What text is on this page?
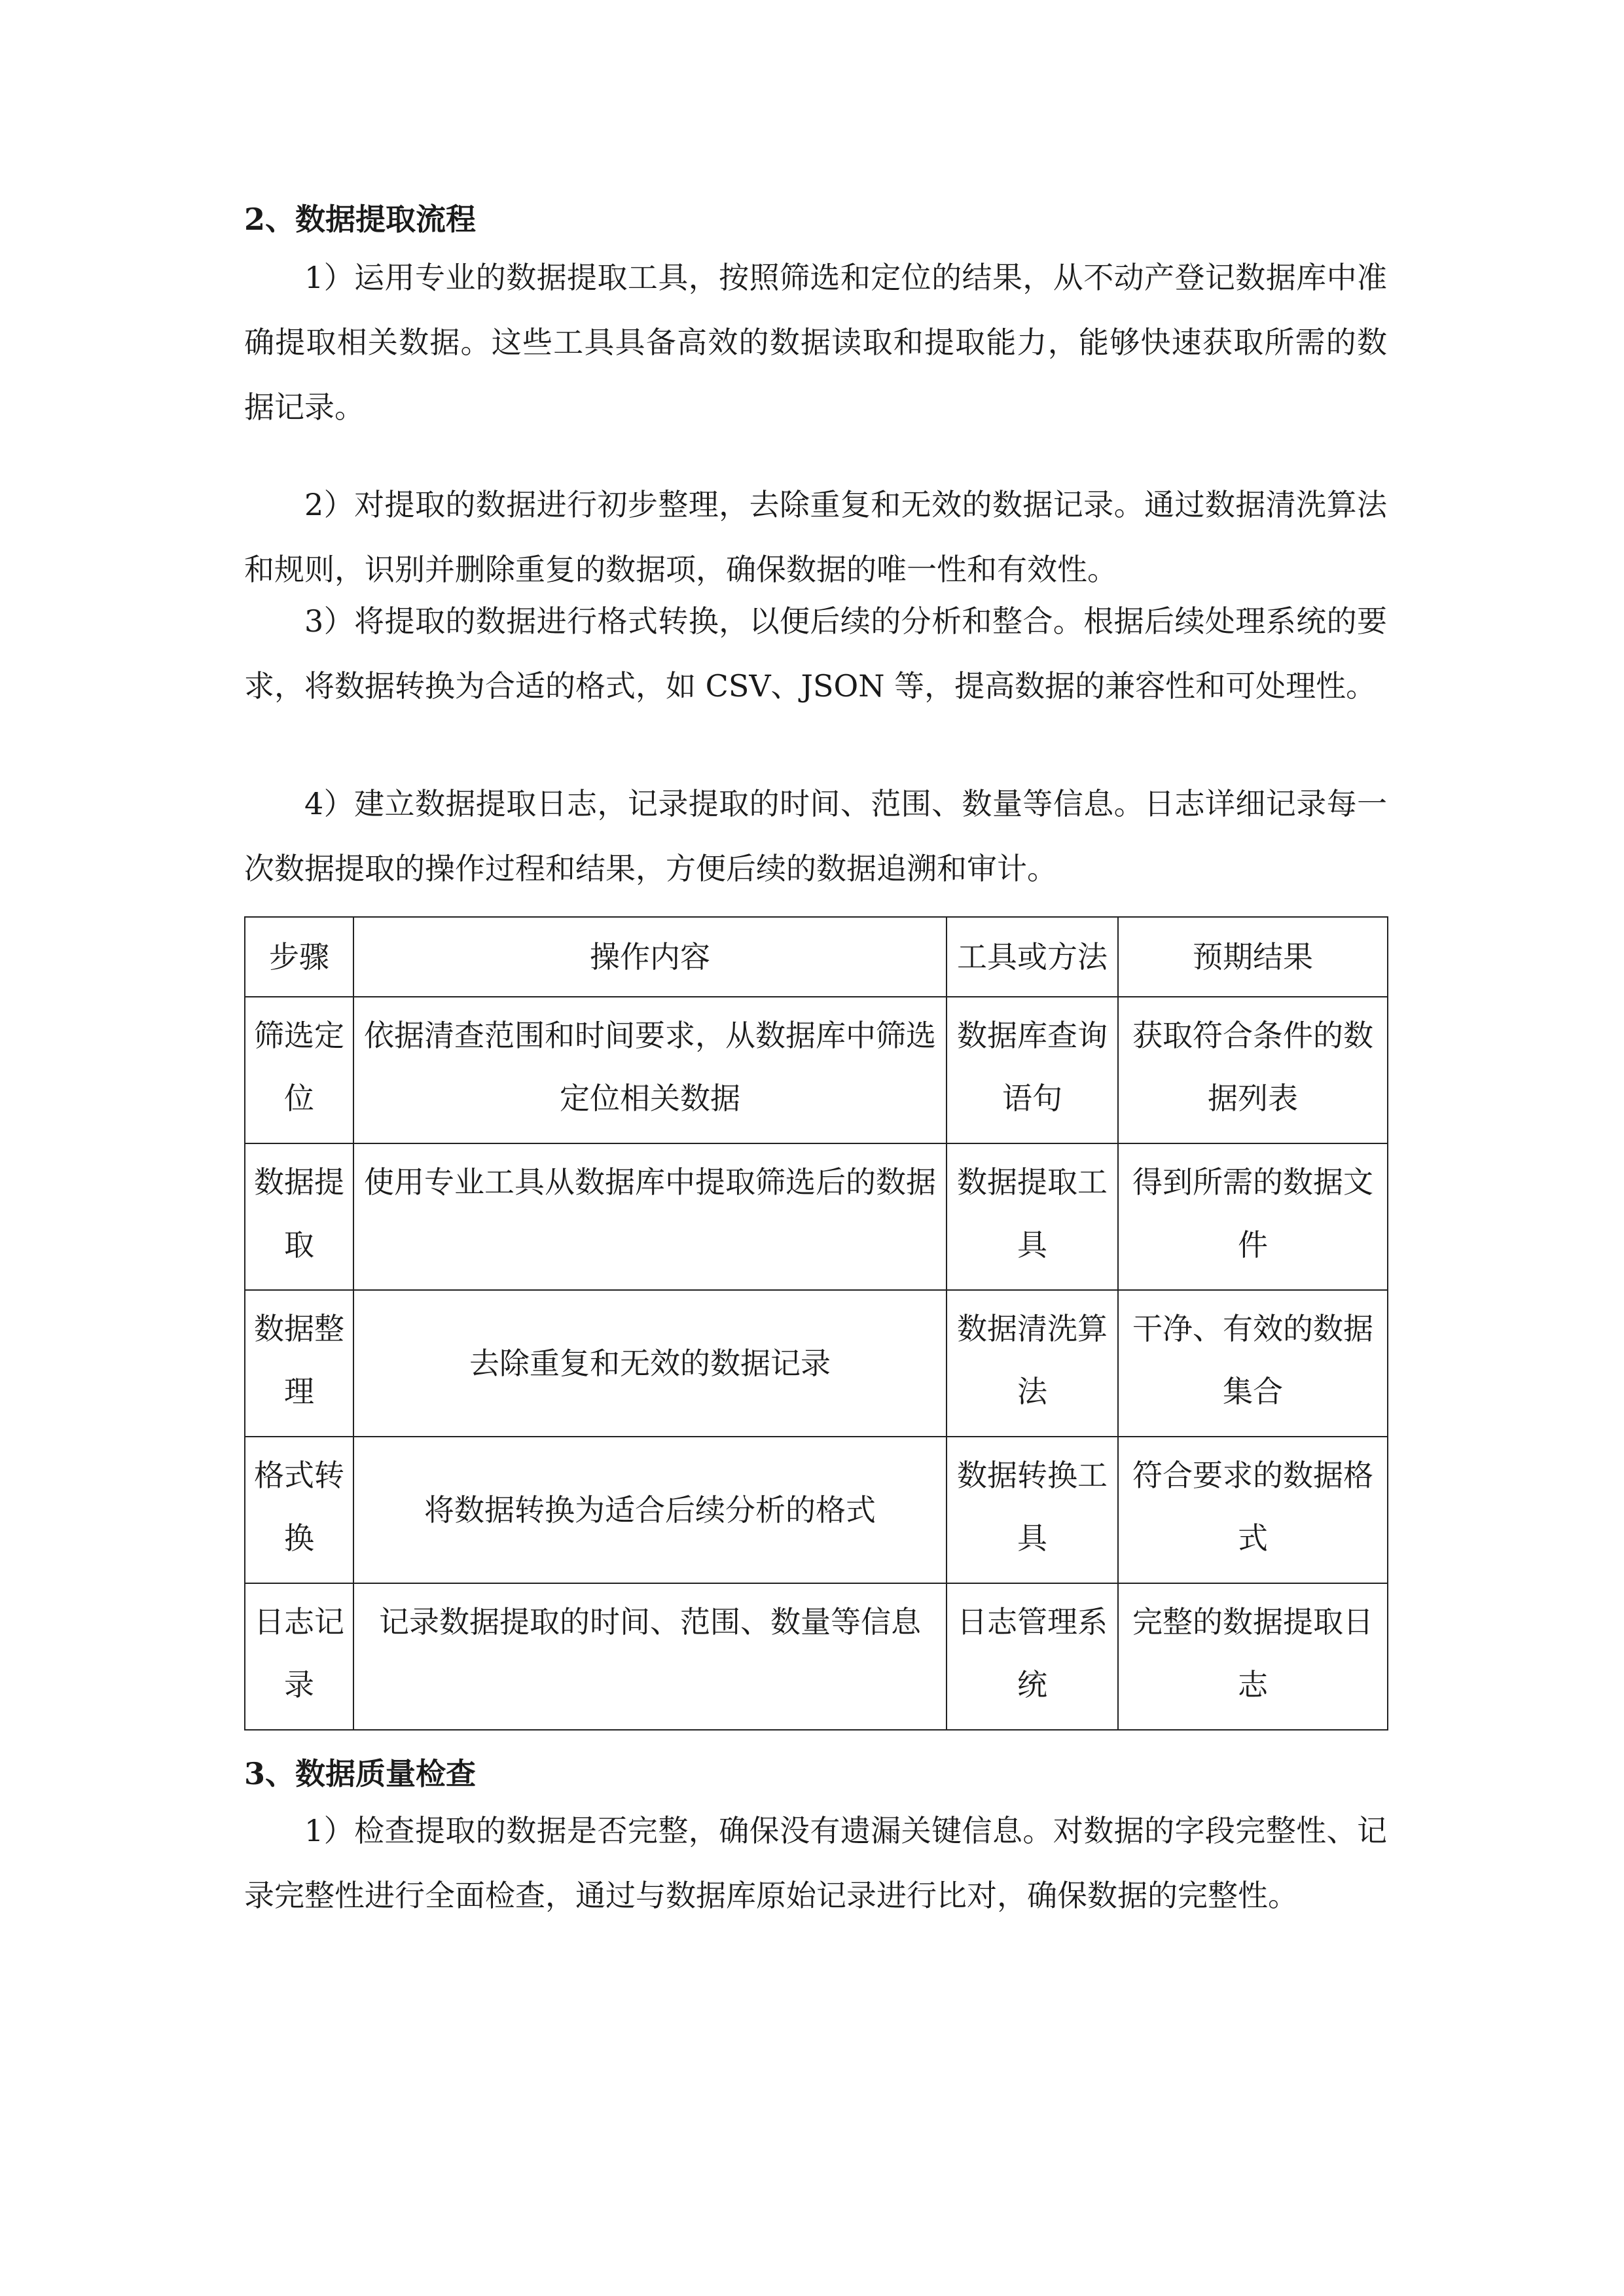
2、数据提取流程

1）运用专业的数据提取工具，按照筛选和定位的结果，从不动产登记数据库中准确提取相关数据。这些工具具备高效的数据读取和提取能力，能够快速获取所需的数据记录。

2）对提取的数据进行初步整理，去除重复和无效的数据记录。通过数据清洗算法和规则，识别并删除重复的数据项，确保数据的唯一性和有效性。

3）将提取的数据进行格式转换，以便后续的分析和整合。根据后续处理系统的要求，将数据转换为合适的格式，如 CSV、JSON 等，提高数据的兼容性和可处理性。

4）建立数据提取日志，记录提取的时间、范围、数量等信息。日志详细记录每一次数据提取的操作过程和结果，方便后续的数据追溯和审计。

步骤	操作内容	工具或方法	预期结果
筛选定位	依据清查范围和时间要求，从数据库中筛选定位相关数据	数据库查询语句	获取符合条件的数据列表
数据提取	使用专业工具从数据库中提取筛选后的数据	数据提取工具	得到所需的数据文件
数据整理	去除重复和无效的数据记录	数据清洗算法	干净、有效的数据集合
格式转换	将数据转换为适合后续分析的格式	数据转换工具	符合要求的数据格式
日志记录	记录数据提取的时间、范围、数量等信息	日志管理系统	完整的数据提取日志
3、数据质量检查

1）检查提取的数据是否完整，确保没有遗漏关键信息。对数据的字段完整性、记录完整性进行全面检查，通过与数据库原始记录进行比对，确保数据的完整性。
